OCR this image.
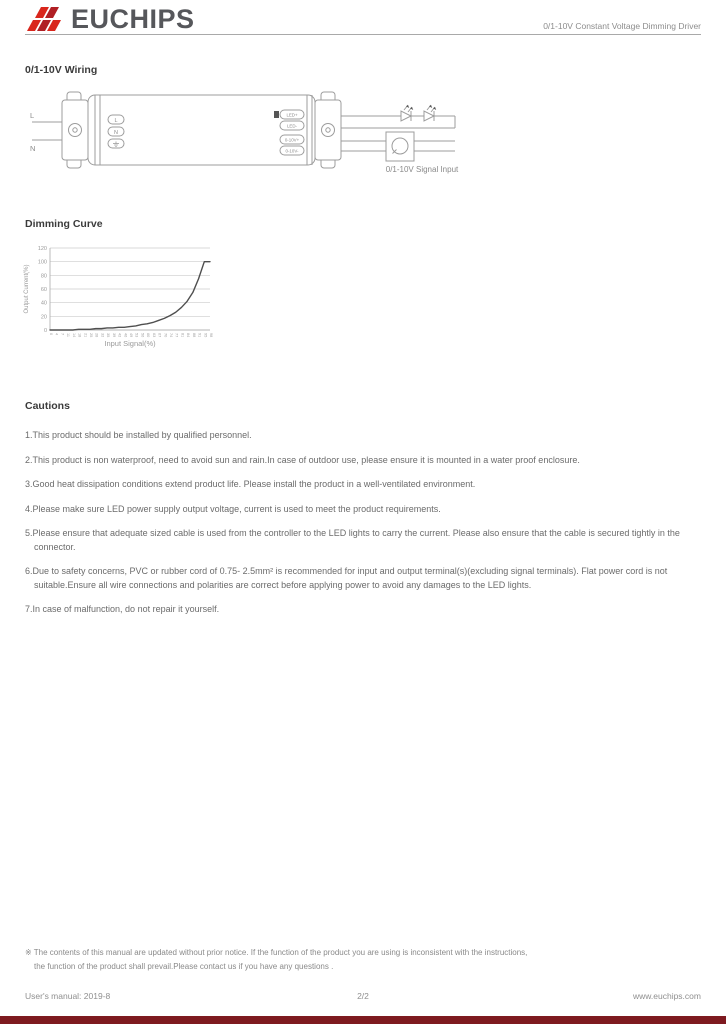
EUCHIPS	0/1-10V Constant Voltage Dimming Driver
0/1-10V Wiring
L
N
L
N
LED+
LED-
0-10V+
0-10V-
0/1-10V Signal Input
Dimming Curve
0
20
40
60
80
100
120
0 4 7 11 14 18 21 25 28 32 35 39 42 46 49 53 56 60 63 67 70 74 77 81 84 88 91 95 98
Output Current(%)
Input Signal(%)
Cautions

1.This product should be installed by qualified personnel.

2.This product is non waterproof, need to avoid sun and rain.In case of outdoor use, please ensure it is mounted in a water proof enclosure.

3.Good heat dissipation conditions extend product life. Please install the product in a well-ventilated environment.

4.Please make sure LED power supply output voltage, current is used to meet the product requirements.

5.Please ensure that adequate sized cable is used from the controller to the LED lights to carry the current. Please also ensure that the cable is secured tightly in the connector.

6.Due to safety concerns, PVC or rubber cord of 0.75- 2.5mm² is recommended for input and output terminal(s)(excluding signal terminals). Flat power cord is not suitable.Ensure all wire connections and polarities are correct before applying power to avoid any damages to the LED lights.

7.In case of malfunction, do not repair it yourself.

※ The contents of this manual are updated without prior notice. If the function of the product you are using is inconsistent with the instructions,
the function of the product shall prevail.Please contact us if you have any questions .
User's manual: 2019-8	2/2	www.euchips.com
